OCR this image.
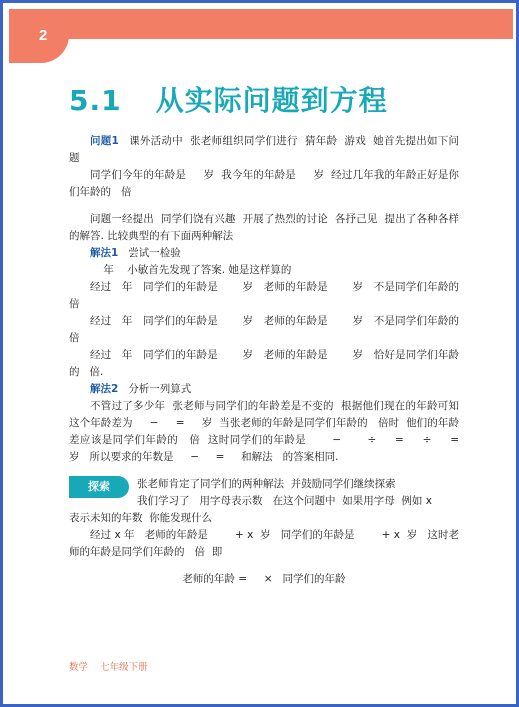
2
5.1 从实际问题到方程

问题1 课外活动中  张老师组织同学们进行  猜年龄  游戏  她首先提出如下问题

同学们今年的年龄是     岁  我今年的年龄是     岁  经过几年我的年龄正好是你们年龄的   倍

问题一经提出  同学们饶有兴趣  开展了热烈的讨论  各抒己见  提出了各种各样的解答. 比较典型的有下面两种解法

解法1 尝试一检验

年    小敏首先发现了答案. 她是这样算的

经过   年   同学们的年龄是       岁   老师的年龄是       岁   不是同学们年龄的   倍

经过   年   同学们的年龄是       岁   老师的年龄是       岁   不是同学们年龄的   倍

经过   年   同学们的年龄是       岁   老师的年龄是       岁   恰好是同学们年龄的   倍.

解法2 分析一列算式

不管过了多少年  张老师与同学们的年龄差是不变的  根据他们现在的年龄可知  这个年龄差为     −     =     岁  当张老师的年龄是同学们年龄的   倍时  他们的年龄差应该是同学们年龄的   倍  这时同学们的年龄是       −       ÷     =     ÷     =     岁   所以要求的年数是     −     =     和解法   的答案相同.

探索	张老师肯定了同学们的两种解法  并鼓励同学们继续探索

我们学习了   用字母表示数   在这个问题中  如果用字母  例如 x

表示未知的年数  你能发现什么

经过 x 年   老师的年龄是        + x  岁   同学们的年龄是        + x  岁   这时老师的年龄是同学们年龄的   倍  即

老师的年龄 =     ×   同学们的年龄

数学    七年级下册
